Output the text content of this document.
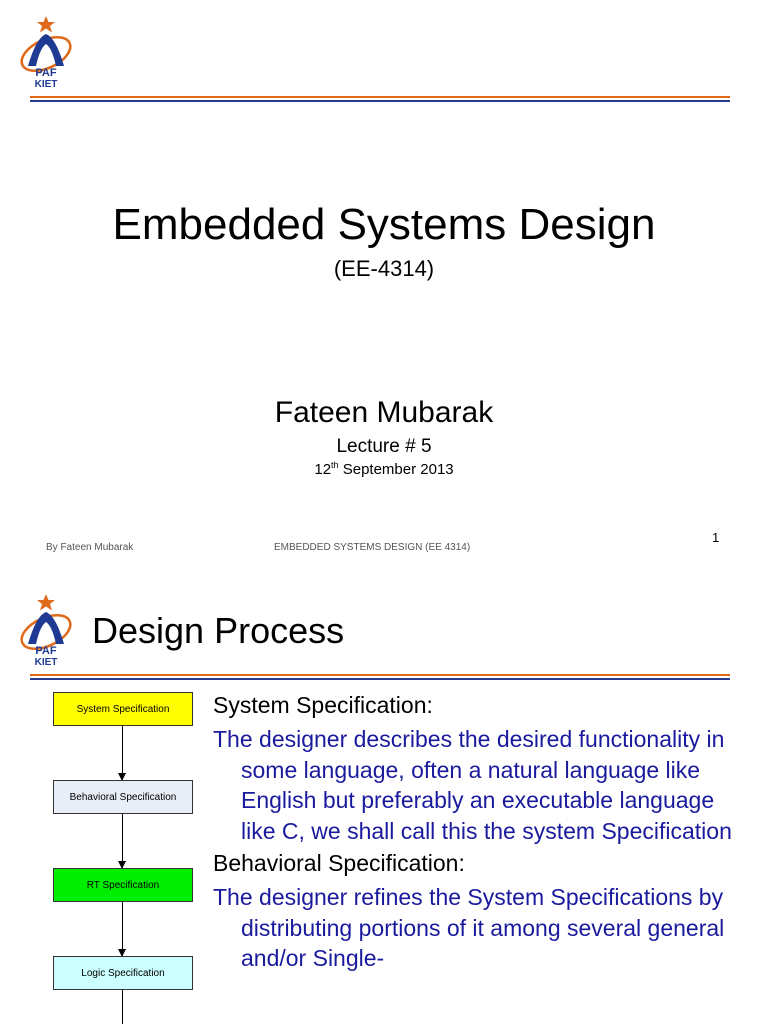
PAF
KIET
Embedded Systems Design
(EE-4314)
Fateen Mubarak
Lecture # 5
12th September 2013
By Fateen Mubarak	EMBEDDED SYSTEMS DESIGN (EE 4314)
1
PAF
KIET
Design Process
System Specification
Behavioral Specification
RT Specification
Logic Specification

System Specification:

The designer describes the desired functionality in some language, often a natural language like English but preferably an executable language like C, we shall call this the system Specification

Behavioral Specification:

The designer refines the System Specifications by distributing portions of it among several general and/or Single-
